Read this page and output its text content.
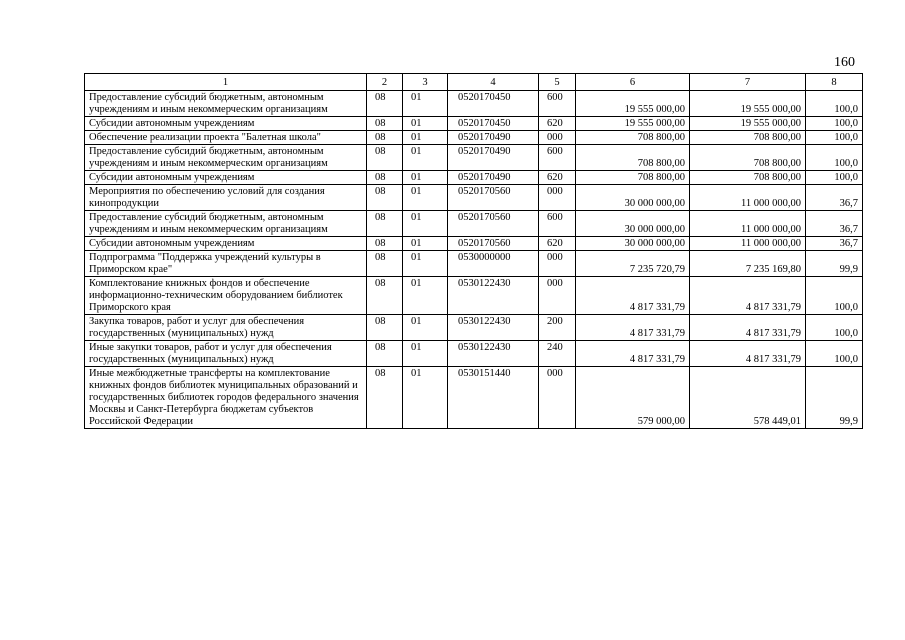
160
1	2	3	4	5	6	7	8
Предоставление субсидий бюджетным, автономным учреждениям и иным некоммерческим организациям	08	01	0520170450	600	19 555 000,00	19 555 000,00	100,0
Субсидии автономным учреждениям	08	01	0520170450	620	19 555 000,00	19 555 000,00	100,0
Обеспечение реализации проекта "Балетная школа"	08	01	0520170490	000	708 800,00	708 800,00	100,0
Предоставление субсидий бюджетным, автономным учреждениям и иным некоммерческим организациям	08	01	0520170490	600	708 800,00	708 800,00	100,0
Субсидии автономным учреждениям	08	01	0520170490	620	708 800,00	708 800,00	100,0
Мероприятия по обеспечению условий для создания кинопродукции	08	01	0520170560	000	30 000 000,00	11 000 000,00	36,7
Предоставление субсидий бюджетным, автономным учреждениям и иным некоммерческим организациям	08	01	0520170560	600	30 000 000,00	11 000 000,00	36,7
Субсидии автономным учреждениям	08	01	0520170560	620	30 000 000,00	11 000 000,00	36,7
Подпрограмма "Поддержка учреждений культуры в Приморском крае"	08	01	0530000000	000	7 235 720,79	7 235 169,80	99,9
Комплектование книжных фондов и обеспечение информационно-техническим оборудованием библиотек Приморского края	08	01	0530122430	000	4 817 331,79	4 817 331,79	100,0
Закупка товаров, работ и услуг для обеспечения государственных (муниципальных) нужд	08	01	0530122430	200	4 817 331,79	4 817 331,79	100,0
Иные закупки товаров, работ и услуг для обеспечения государственных (муниципальных) нужд	08	01	0530122430	240	4 817 331,79	4 817 331,79	100,0
Иные межбюджетные трансферты на комплектование книжных фондов библиотек муниципальных образований и государственных библиотек городов федерального значения Москвы и Санкт-Петербурга бюджетам субъектов Российской Федерации	08	01	0530151440	000	579 000,00	578 449,01	99,9
